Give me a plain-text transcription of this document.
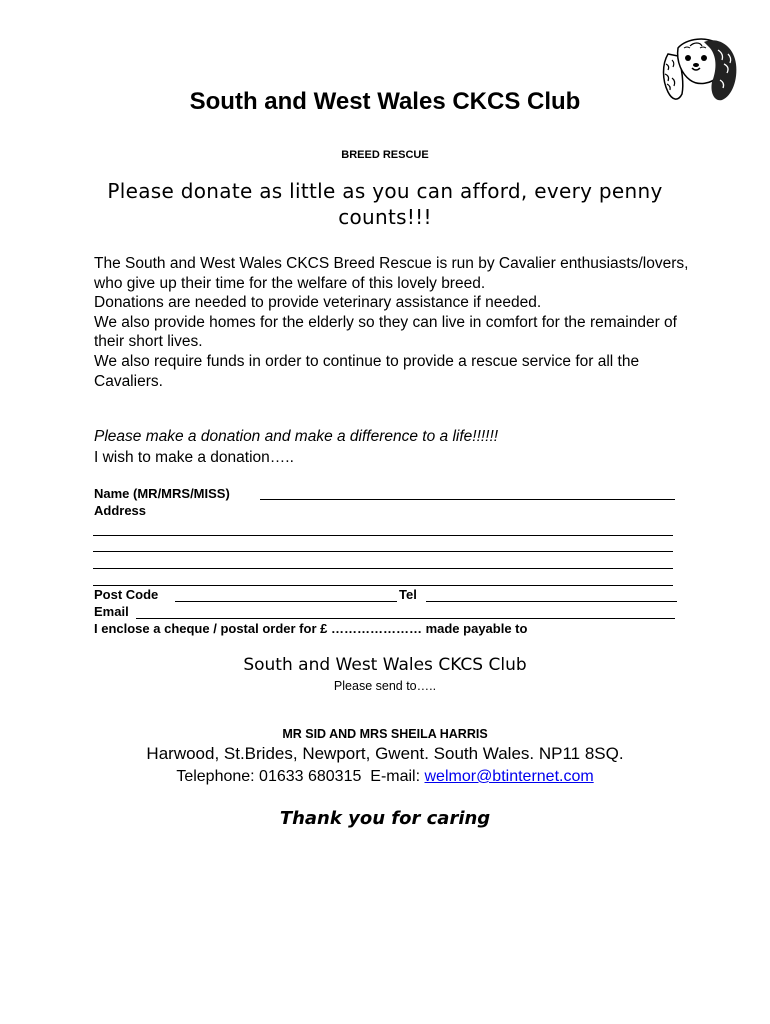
South and West Wales CKCS Club
BREED RESCUE
Please donate as little as you can afford, every penny counts!!!

The South and West Wales CKCS Breed Rescue is run by Cavalier enthusiasts/lovers, who give up their time for the welfare of this lovely breed.

Donations are needed to provide veterinary assistance if needed.

We also provide homes for the elderly so they can live in comfort for the remainder of their short lives.

We also require funds in order to continue to provide a rescue service for all the Cavaliers.

Please make a donation and make a difference to a life!!!!!!
I wish to make a donation…..
Name (MR/MRS/MISS)
Address
Post Code	Tel
Email
I enclose a cheque / postal order for £ ………………… made payable to
South and West Wales CKCS Club
Please send to…..
MR SID AND MRS SHEILA HARRIS
Harwood, St.Brides, Newport, Gwent. South Wales. NP11 8SQ.
Telephone: 01633 680315  E-mail: welmor@btinternet.com
Thank you for caring
